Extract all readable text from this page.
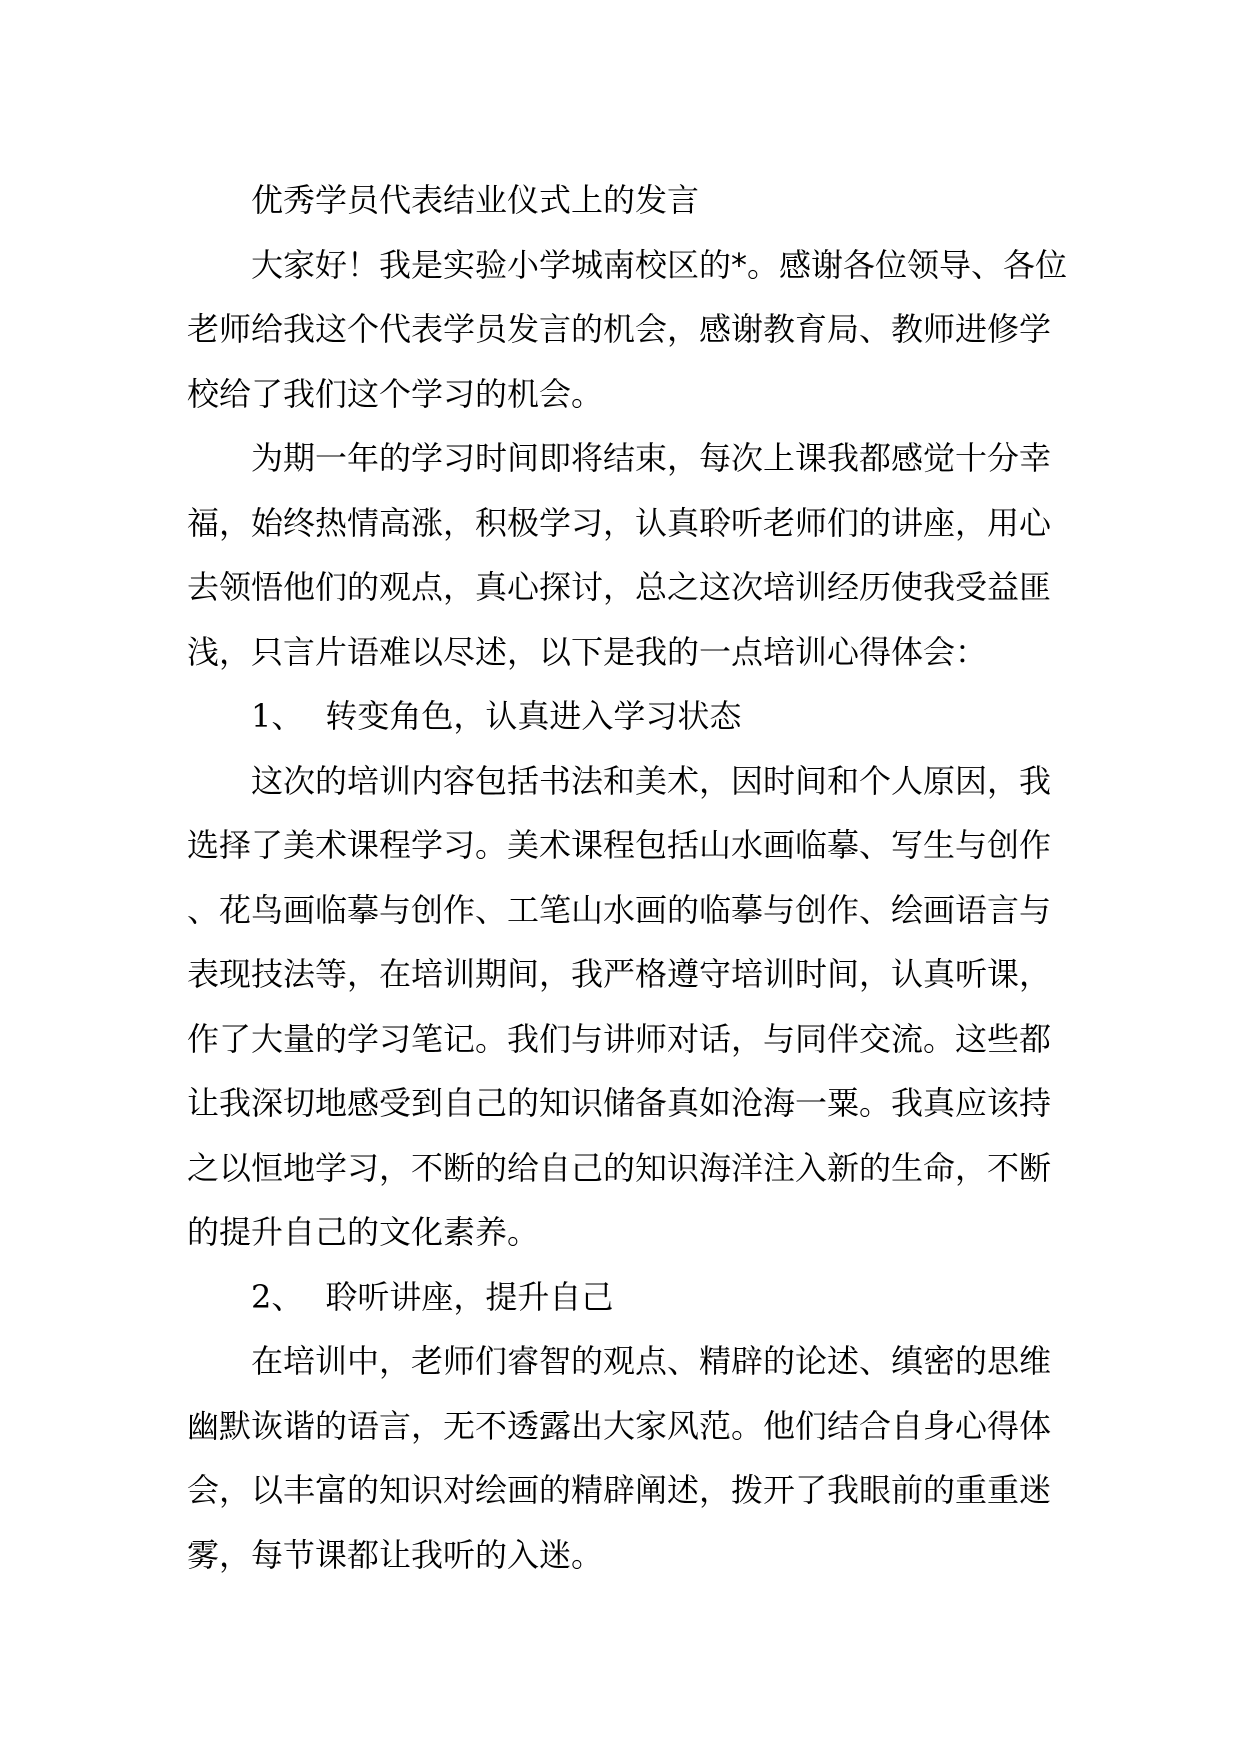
优秀学员代表结业仪式上的发言

大家好！我是实验小学城南校区的*。感谢各位领导、各位老师给我这个代表学员发言的机会，感谢教育局、教师进修学校给了我们这个学习的机会。

为期一年的学习时间即将结束，每次上课我都感觉十分幸福，始终热情高涨，积极学习，认真聆听老师们的讲座，用心去领悟他们的观点，真心探讨，总之这次培训经历使我受益匪浅，只言片语难以尽述，以下是我的一点培训心得体会：

1、 转变角色，认真进入学习状态

这次的培训内容包括书法和美术，因时间和个人原因，我选择了美术课程学习。美术课程包括山水画临摹、写生与创作、花鸟画临摹与创作、工笔山水画的临摹与创作、绘画语言与表现技法等，在培训期间，我严格遵守培训时间，认真听课，作了大量的学习笔记。我们与讲师对话，与同伴交流。这些都让我深切地感受到自己的知识储备真如沧海一粟。我真应该持之以恒地学习，不断的给自己的知识海洋注入新的生命，不断的提升自己的文化素养。

2、 聆听讲座，提升自己

在培训中，老师们睿智的观点、精辟的论述、缜密的思维幽默诙谐的语言，无不透露出大家风范。他们结合自身心得体会，以丰富的知识对绘画的精辟阐述，拨开了我眼前的重重迷雾，每节课都让我听的入迷。
